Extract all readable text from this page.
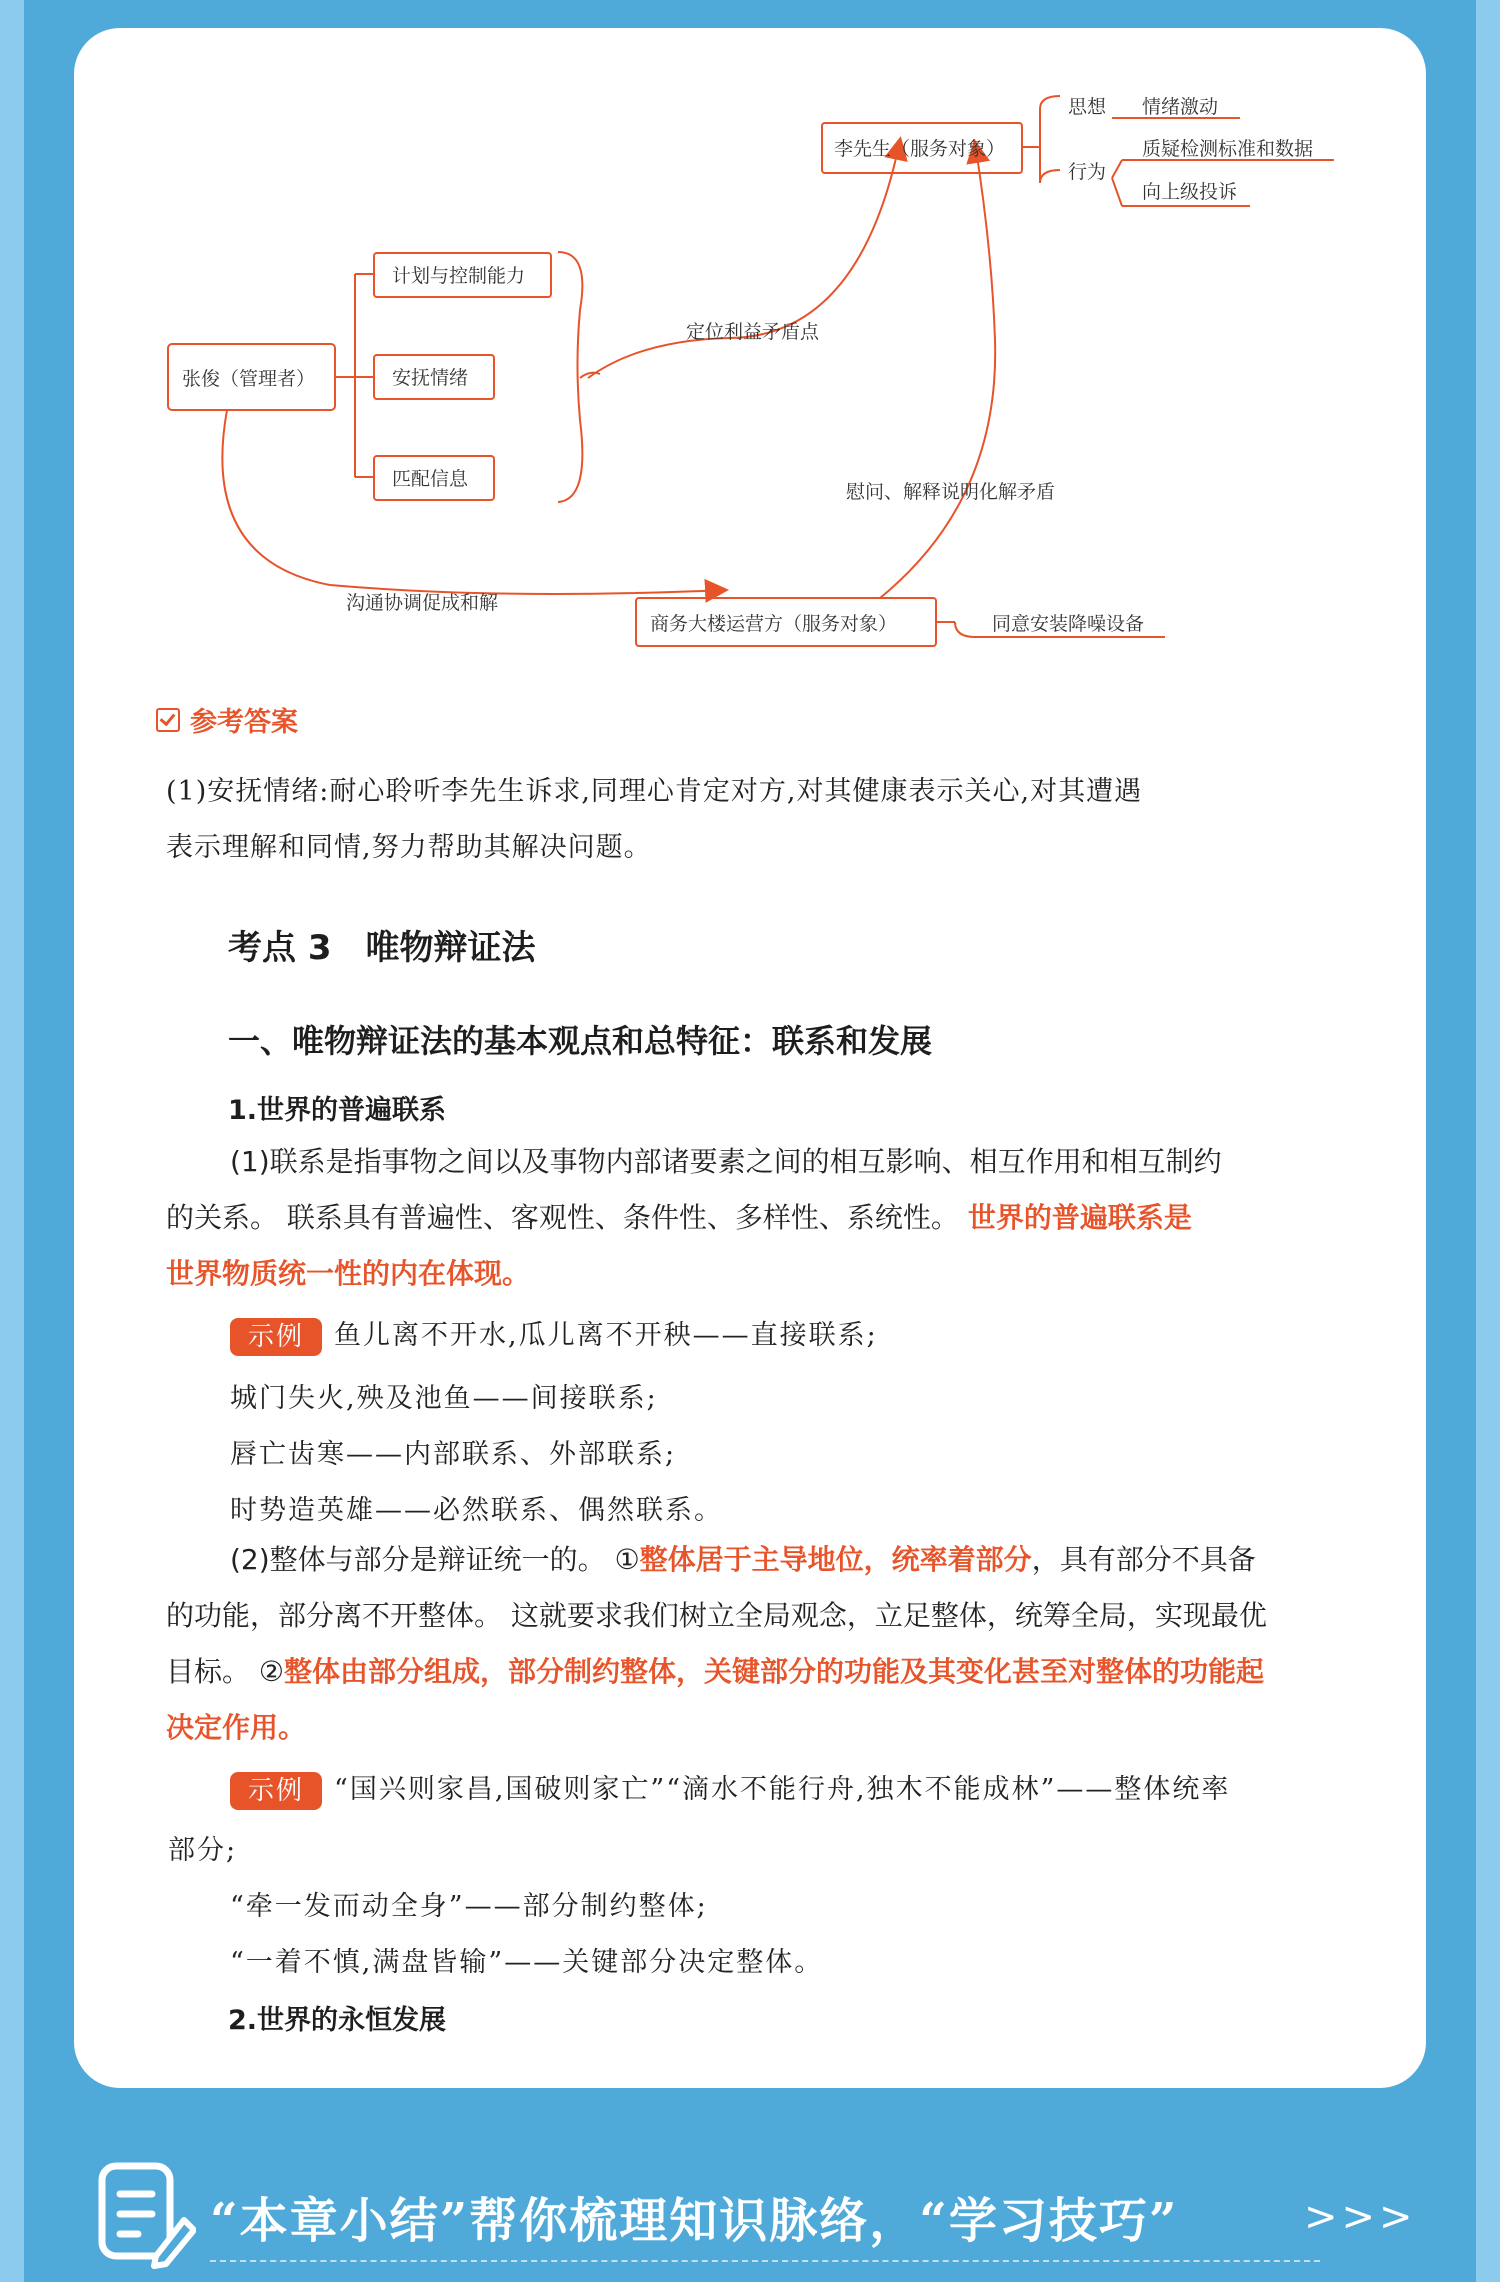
张俊（管理者）
计划与控制能力
安抚情绪
匹配信息
定位利益矛盾点
李先生（服务对象）
思想 情绪激动
行为
质疑检测标准和数据
向上级投诉
慰问、解释说明化解矛盾
沟通协调促成和解
商务大楼运营方（服务对象）	同意安装降噪设备
参考答案
(1)安抚情绪:耐心聆听李先生诉求,同理心肯定对方,对其健康表示关心,对其遭遇
表示理解和同情,努力帮助其解决问题。
考点 3　唯物辩证法
一、唯物辩证法的基本观点和总特征：联系和发展
1.世界的普遍联系
(1)联系是指事物之间以及事物内部诸要素之间的相互影响、相互作用和相互制约
的关系。 联系具有普遍性、客观性、条件性、多样性、系统性。 世界的普遍联系是
世界物质统一性的内在体现。
示例 鱼儿离不开水,瓜儿离不开秧——直接联系;
城门失火,殃及池鱼——间接联系;
唇亡齿寒——内部联系、外部联系;
时势造英雄——必然联系、偶然联系。
(2)整体与部分是辩证统一的。 ①整体居于主导地位，统率着部分，具有部分不具备
的功能，部分离不开整体。 这就要求我们树立全局观念，立足整体，统筹全局，实现最优
目标。 ②整体由部分组成，部分制约整体，关键部分的功能及其变化甚至对整体的功能起
决定作用。
示例 “国兴则家昌,国破则家亡”“滴水不能行舟,独木不能成林”——整体统率
部分;
“牵一发而动全身”——部分制约整体;
“一着不慎,满盘皆输”——关键部分决定整体。
2.世界的永恒发展
“本章小结”帮你梳理知识脉络，“学习技巧”	>>>
